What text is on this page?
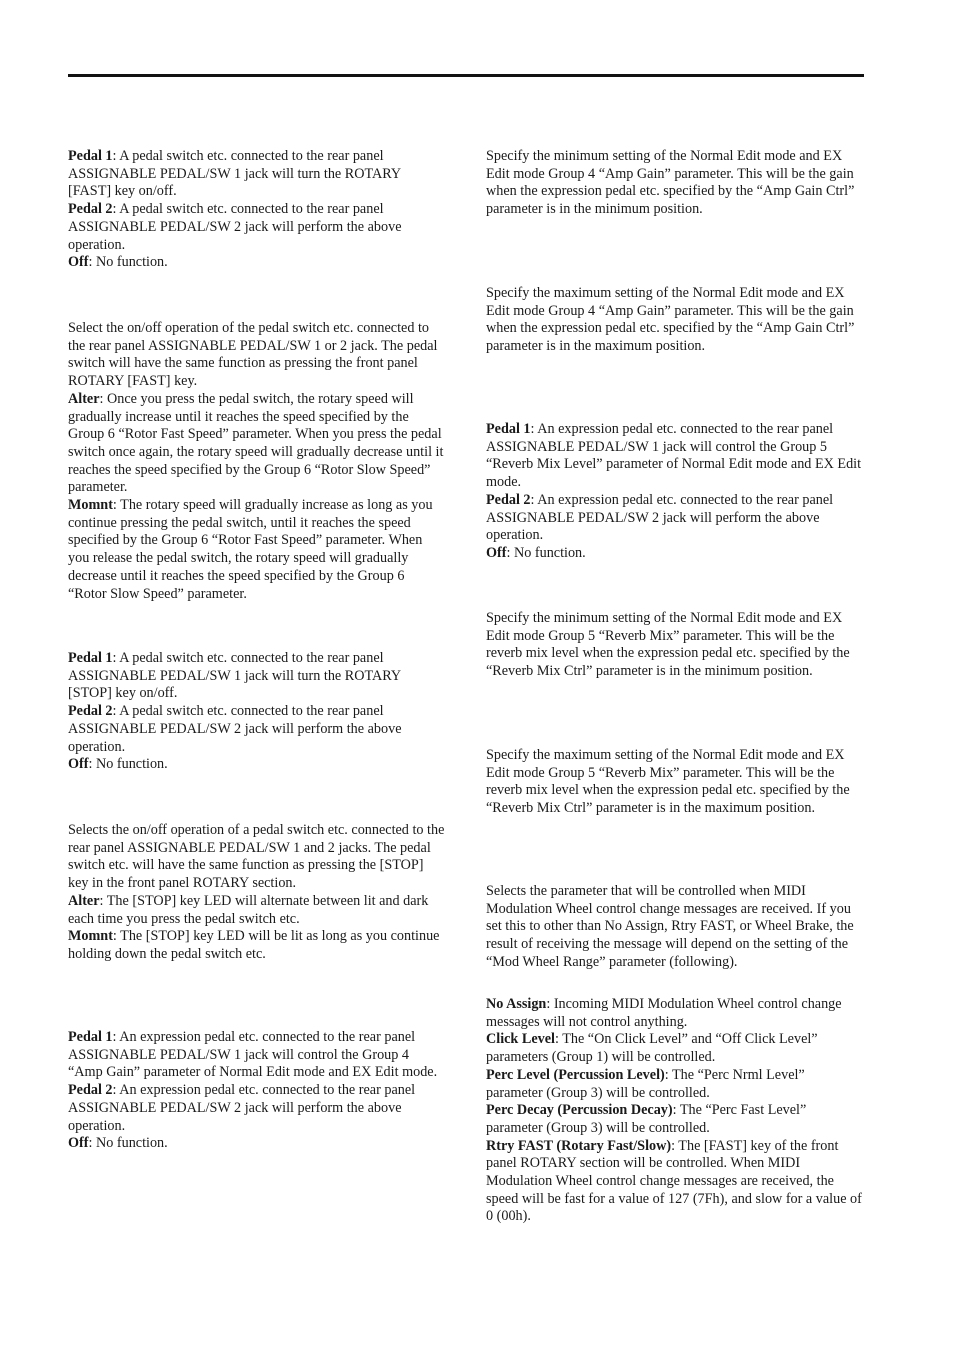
Pedal 1: A pedal switch etc. connected to the rear panel ASSIGNABLE PEDAL/SW 1 jack will turn the ROTARY [FAST] key on/off.

Pedal 2: A pedal switch etc. connected to the rear panel ASSIGNABLE PEDAL/SW 2 jack will perform the above operation.

Off: No function.

Select the on/off operation of the pedal switch etc. connected to the rear panel ASSIGNABLE PEDAL/SW 1 or 2 jack. The pedal switch will have the same function as pressing the front panel ROTARY [FAST] key.

Alter: Once you press the pedal switch, the rotary speed will gradually increase until it reaches the speed specified by the Group 6 “Rotor Fast Speed” parameter. When you press the pedal switch once again, the rotary speed will gradually decrease until it reaches the speed specified by the Group 6 “Rotor Slow Speed” parameter.

Momnt: The rotary speed will gradually increase as long as you continue pressing the pedal switch, until it reaches the speed specified by the Group 6 “Rotor Fast Speed” parameter. When you release the pedal switch, the rotary speed will gradually decrease until it reaches the speed specified by the Group 6 “Rotor Slow Speed” parameter.

Pedal 1: A pedal switch etc. connected to the rear panel ASSIGNABLE PEDAL/SW 1 jack will turn the ROTARY [STOP] key on/off.

Pedal 2: A pedal switch etc. connected to the rear panel ASSIGNABLE PEDAL/SW 2 jack will perform the above operation.

Off: No function.

Selects the on/off operation of a pedal switch etc. connected to the rear panel ASSIGNABLE PEDAL/SW 1 and 2 jacks. The pedal switch etc. will have the same function as pressing the [STOP] key in the front panel ROTARY section.

Alter: The [STOP] key LED will alternate between lit and dark each time you press the pedal switch etc.

Momnt: The [STOP] key LED will be lit as long as you continue holding down the pedal switch etc.

Pedal 1: An expression pedal etc. connected to the rear panel ASSIGNABLE PEDAL/SW 1 jack will control the Group 4 “Amp Gain” parameter of Normal Edit mode and EX Edit mode.

Pedal 2: An expression pedal etc. connected to the rear panel ASSIGNABLE PEDAL/SW 2 jack will perform the above operation.

Off: No function.

Specify the minimum setting of the Normal Edit mode and EX Edit mode Group 4 “Amp Gain” parameter. This will be the gain when the expression pedal etc. specified by the “Amp Gain Ctrl” parameter is in the minimum position.

Specify the maximum setting of the Normal Edit mode and EX Edit mode Group 4 “Amp Gain” parameter. This will be the gain when the expression pedal etc. specified by the “Amp Gain Ctrl” parameter is in the maximum position.

Pedal 1: An expression pedal etc. connected to the rear panel ASSIGNABLE PEDAL/SW 1 jack will control the Group 5 “Reverb Mix Level” parameter of Normal Edit mode and EX Edit mode.

Pedal 2: An expression pedal etc. connected to the rear panel ASSIGNABLE PEDAL/SW 2 jack will perform the above operation.

Off: No function.

Specify the minimum setting of the Normal Edit mode and EX Edit mode Group 5 “Reverb Mix” parameter. This will be the reverb mix level when the expression pedal etc. specified by the “Reverb Mix Ctrl” parameter is in the minimum position.

Specify the maximum setting of the Normal Edit mode and EX Edit mode Group 5 “Reverb Mix” parameter. This will be the reverb mix level when the expression pedal etc. specified by the “Reverb Mix Ctrl” parameter is in the maximum position.

Selects the parameter that will be controlled when MIDI Modulation Wheel control change messages are received. If you set this to other than No Assign, Rtry FAST, or Wheel Brake, the result of receiving the message will depend on the setting of the “Mod Wheel Range” parameter (following).

No Assign: Incoming MIDI Modulation Wheel control change messages will not control anything.

Click Level: The “On Click Level” and “Off Click Level” parameters (Group 1) will be controlled.

Perc Level (Percussion Level): The “Perc Nrml Level” parameter (Group 3) will be controlled.

Perc Decay (Percussion Decay): The “Perc Fast Level” parameter (Group 3) will be controlled.

Rtry FAST (Rotary Fast/Slow): The [FAST] key of the front panel ROTARY section will be controlled. When MIDI Modulation Wheel control change messages are received, the speed will be fast for a value of 127 (7Fh), and slow for a value of 0 (00h).
